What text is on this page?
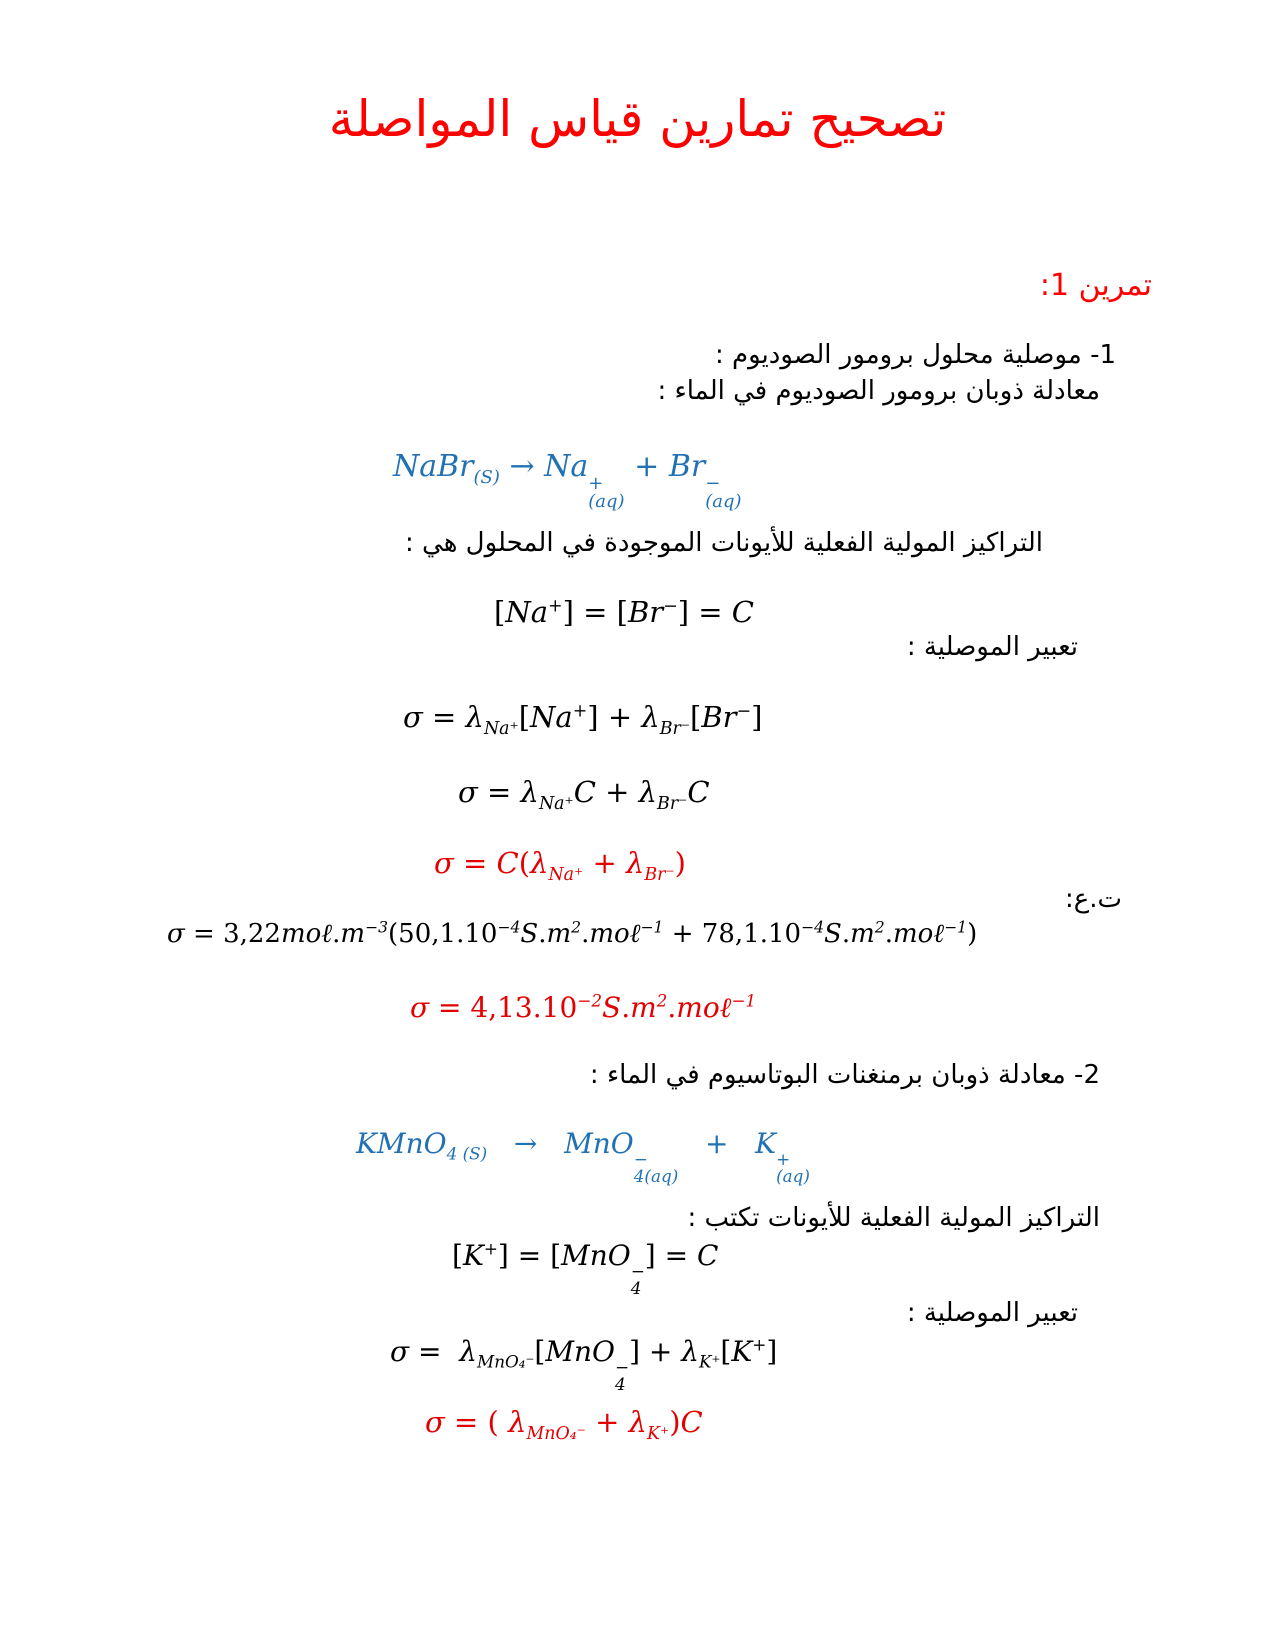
تصحيح تمارين قياس المواصلة
تمرين 1:
1- موصلية محلول برومور الصوديوم :
معادلة ذوبان برومور الصوديوم في الماء :
NaBr$_{(S)}$ → Na +
(aq)
+ Br −
(aq)
التراكيز المولية الفعلية للأيونات الموجودة في المحلول هي :
[Na+] = [Br−] = C
تعبير الموصلية :
$\sigma = \lambda_{Na^+}[Na^+] + \lambda_{Br^-}[Br^-]$
$\sigma = \lambda_{Na^+}C + \lambda_{Br^-}C$
$\sigma = C(\lambda_{Na^+} + \lambda_{Br^-})$
ت.ع:
$\sigma = 3,22mo\ell.m^{-3}(50,1.10^{-4}S.m^2.mo\ell^{-1}$ + $78,1.10^{-4}S.m^2.mo\ell^{-1}$)
$\sigma = 4,13.10^{-2}S.m^2.mo\ell^{-1}$
2- معادلة ذوبان برمنغنات البوتاسيوم في الماء :
KMnO$_{4 (S)}$   →   MnO −
4(aq)
+   K +
(aq)
التراكيز المولية الفعلية للأيونات تكتب :
[K+] = [MnO −
4
] = C
تعبير الموصلية :
$\sigma = \lambda_{MnO_4^-}[MnO$ −
4
] + $\lambda_{K^+}[K^+]$
σ = ( $\lambda_{MnO_4^-} + \lambda_{K^+})C$
